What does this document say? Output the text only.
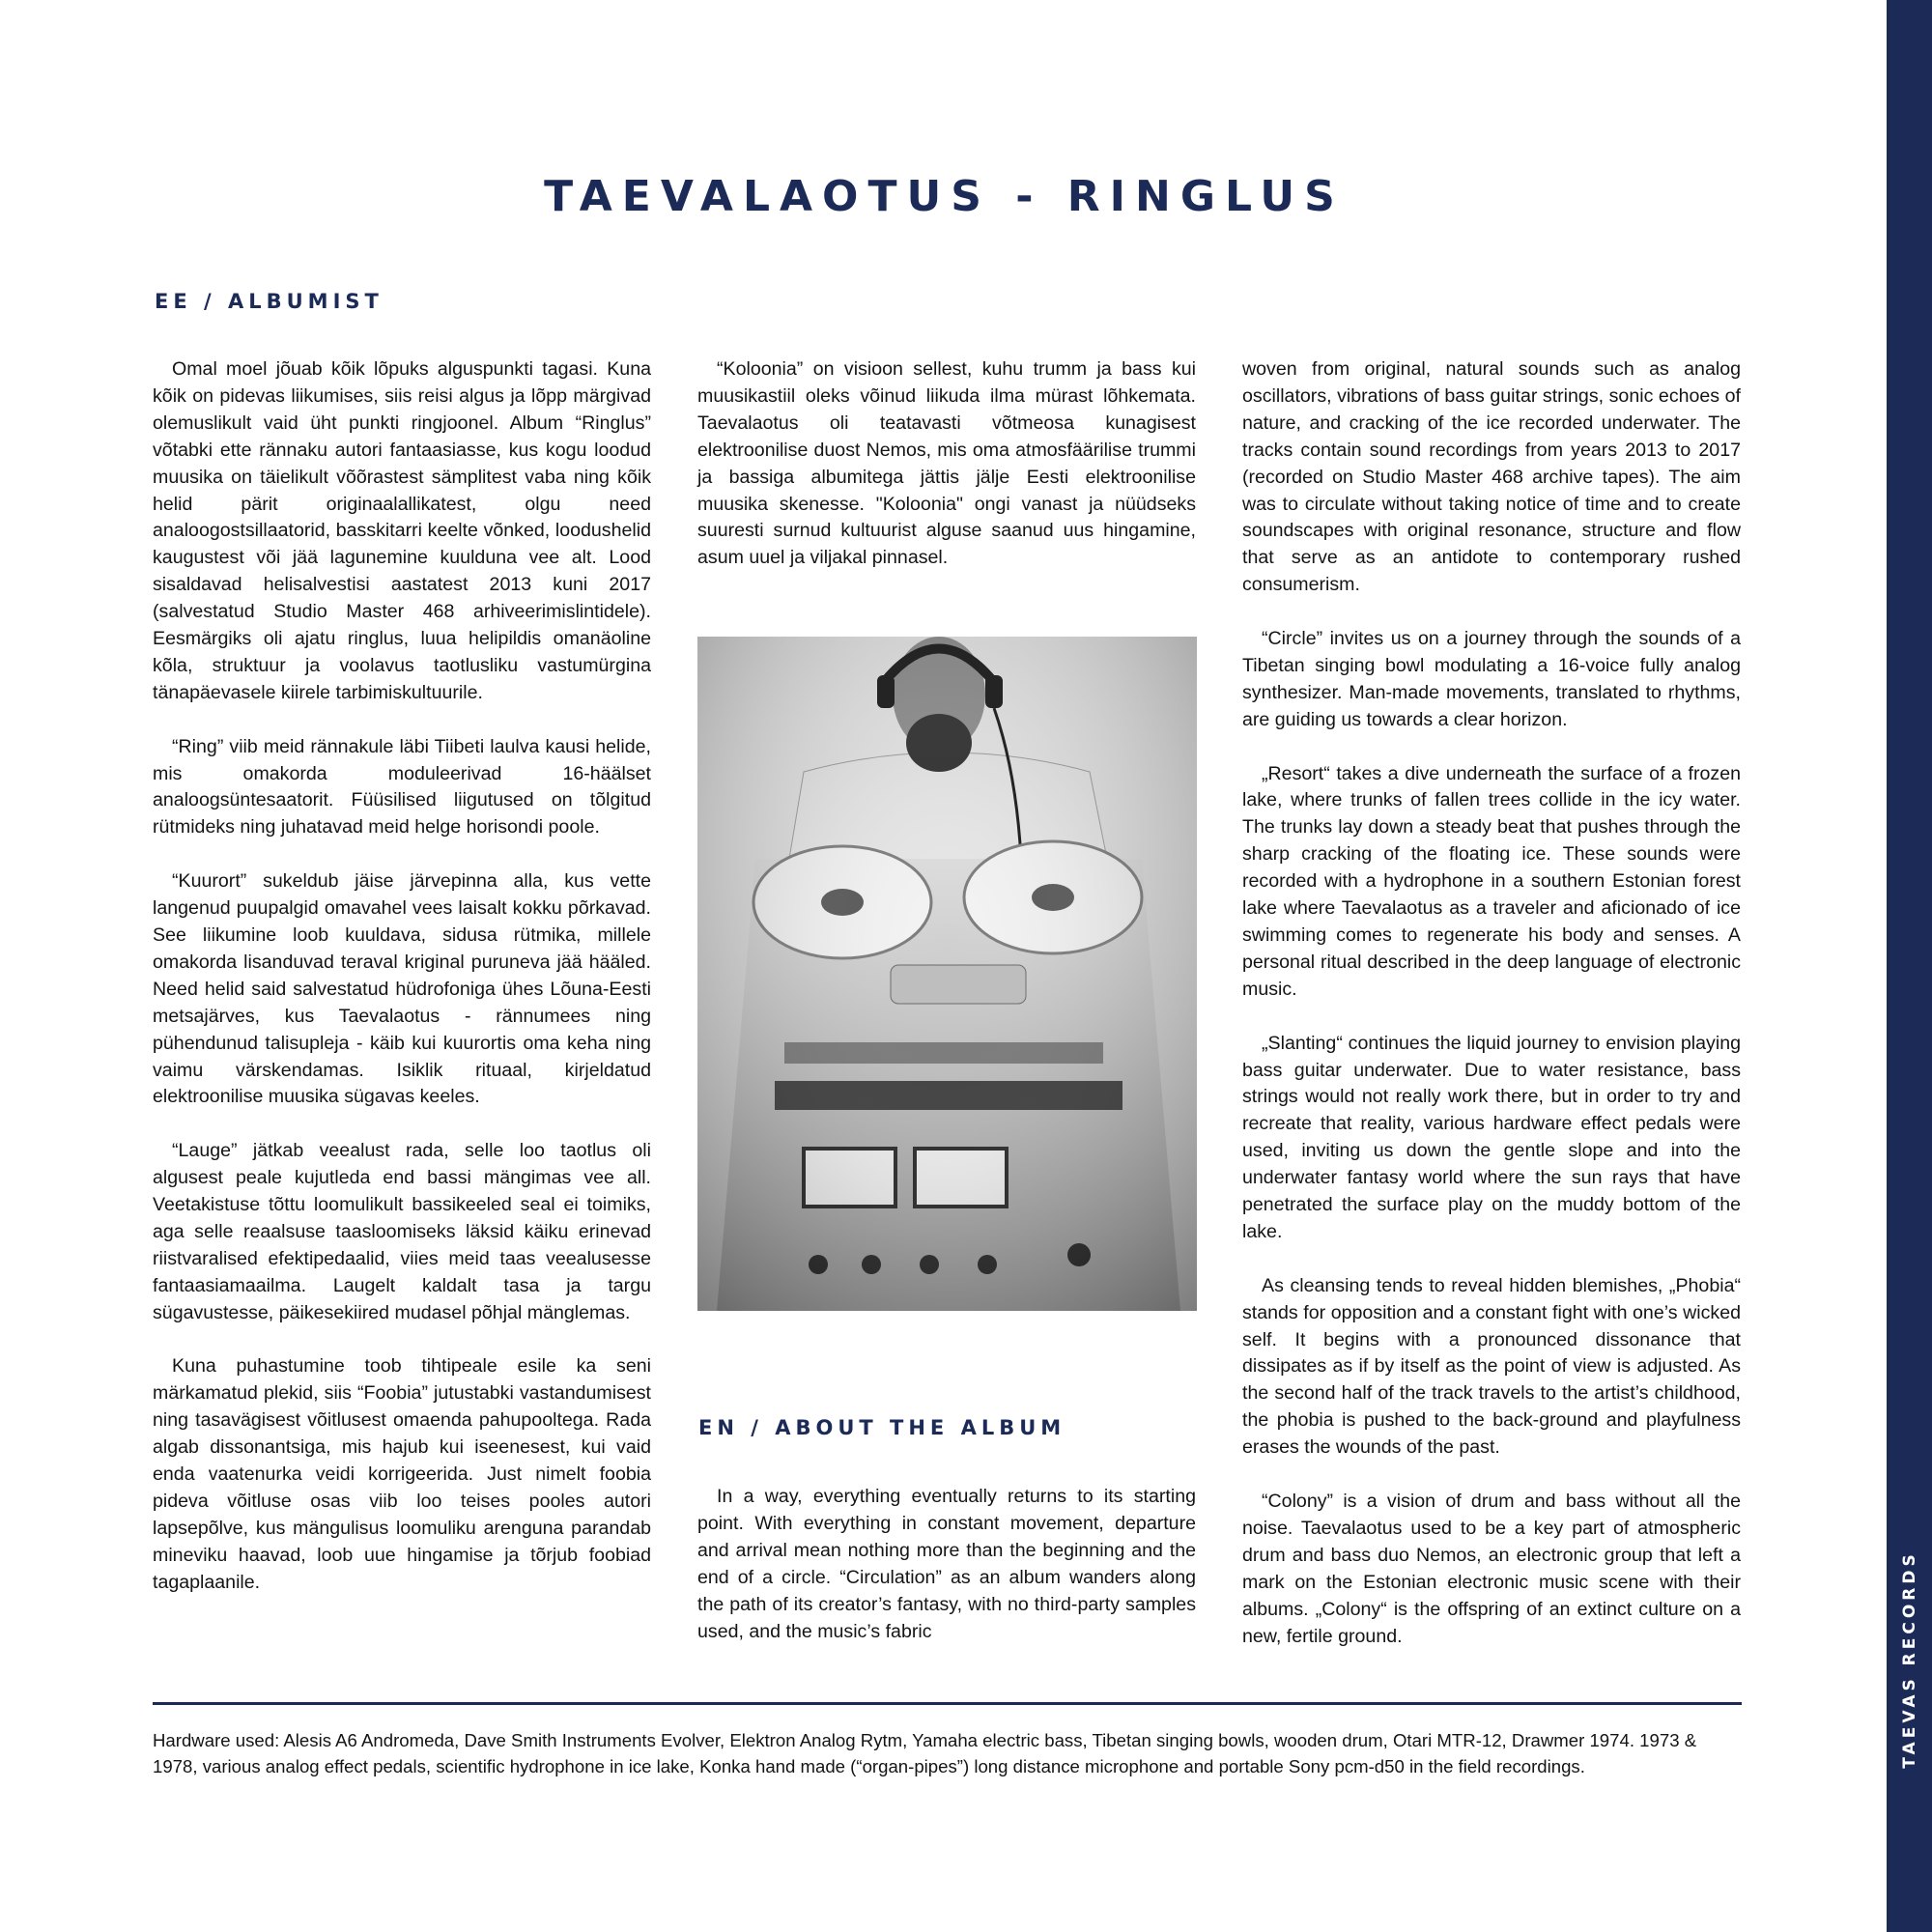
TAEVALAOTUS - RINGLUS
EE / ALBUMIST

Omal moel jõuab kõik lõpuks alguspunkti tagasi. Kuna kõik on pidevas liikumises, siis reisi algus ja lõpp märgivad olemuslikult vaid üht punkti ringjoonel. Album “Ringlus” võtabki ette rännaku autori fantaasiasse, kus kogu loodud muusika on täielikult võõrastest sämplitest vaba ning kõik helid pärit originaalallikatest, olgu need analoogostsillaatorid, basskitarri keelte võnked, loodushelid kaugustest või jää lagunemine kuulduna vee alt. Lood sisaldavad helisalvestisi aastatest 2013 kuni 2017 (salvestatud Studio Master 468 arhiveerimislintidele). Eesmärgiks oli ajatu ringlus, luua helipildis omanäoline kõla, struktuur ja voolavus taotlusliku vastumürgina tänapäevasele kiirele tarbimiskultuurile.

“Ring” viib meid rännakule läbi Tiibeti laulva kausi helide, mis omakorda moduleerivad 16-häälset analoogsüntesaatorit. Füüsilised liigutused on tõlgitud rütmideks ning juhatavad meid helge horisondi poole.

“Kuurort” sukeldub jäise järvepinna alla, kus vette langenud puupalgid omavahel vees laisalt kokku põrkavad. See liikumine loob kuuldava, sidusa rütmika, millele omakorda lisanduvad teraval kriginal puruneva jää hääled. Need helid said salvestatud hüdrofoniga ühes Lõuna-Eesti metsajärves, kus Taevalaotus - rännumees ning pühendunud talisupleja - käib kui kuurortis oma keha ning vaimu värskendamas. Isiklik rituaal, kirjeldatud elektroonilise muusika sügavas keeles.

“Lauge” jätkab veealust rada, selle loo taotlus oli algusest peale kujutleda end bassi mängimas vee all. Veetakistuse tõttu loomulikult bassikeeled seal ei toimiks, aga selle reaalsuse taasloomiseks läksid käiku erinevad riistvaralised efektipedaalid, viies meid taas veealusesse fantaasiamaailma. Laugelt kaldalt tasa ja targu sügavustesse, päikesekiired mudasel põhjal mänglemas.

Kuna puhastumine toob tihtipeale esile ka seni märkamatud plekid, siis “Foobia” jutustabki vastandumisest ning tasavägisest võitlusest omaenda pahupooltega. Rada algab dissonantsiga, mis hajub kui iseenesest, kui vaid enda vaatenurka veidi korrigeerida. Just nimelt foobia pideva võitluse osas viib loo teises pooles autori lapsepõlve, kus mängulisus loomuliku arenguna parandab mineviku haavad, loob uue hingamise ja tõrjub foobiad tagaplaanile.

“Koloonia” on visioon sellest, kuhu trumm ja bass kui muusikastiil oleks võinud liikuda ilma mürast lõhkemata. Taevalaotus oli teatavasti võtmeosa kunagisest elektroonilise duost Nemos, mis oma atmosfäärilise trummi ja bassiga albumitega jättis jälje Eesti elektroonilise muusika skenesse. "Koloonia" ongi vanast ja nüüdseks suuresti surnud kultuurist alguse saanud uus hingamine, asum uuel ja viljakal pinnasel.

EN / ABOUT THE ALBUM

In a way, everything eventually returns to its starting point. With everything in constant movement, departure and arrival mean nothing more than the beginning and the end of a circle. “Circulation” as an album wanders along the path of its creator’s fantasy, with no third-party samples used, and the music’s fabric

woven from original, natural sounds such as analog oscillators, vibrations of bass guitar strings, sonic echoes of nature, and cracking of the ice recorded underwater. The tracks contain sound recordings from years 2013 to 2017 (recorded on Studio Master 468 archive tapes). The aim was to circulate without taking notice of time and to create soundscapes with original resonance, structure and flow that serve as an antidote to contemporary rushed consumerism.

“Circle” invites us on a journey through the sounds of a Tibetan singing bowl modulating a 16-voice fully analog synthesizer. Man-made movements, translated to rhythms, are guiding us towards a clear horizon.

„Resort“ takes a dive underneath the surface of a frozen lake, where trunks of fallen trees collide in the icy water. The trunks lay down a steady beat that pushes through the sharp cracking of the floating ice. These sounds were recorded with a hydrophone in a southern Estonian forest lake where Taevalaotus as a traveler and aficionado of ice swimming comes to regenerate his body and senses. A personal ritual described in the deep language of electronic music.

„Slanting“ continues the liquid journey to envision playing bass guitar underwater. Due to water resistance, bass strings would not really work there, but in order to try and recreate that reality, various hardware effect pedals were used, inviting us down the gentle slope and into the underwater fantasy world where the sun rays that have penetrated the surface play on the muddy bottom of the lake.

As cleansing tends to reveal hidden blemishes, „Phobia“ stands for opposition and a constant fight with one’s wicked self. It begins with a pronounced dissonance that dissipates as if by itself as the point of view is adjusted. As the second half of the track travels to the artist’s childhood, the phobia is pushed to the back-ground and playfulness erases the wounds of the past.

“Colony” is a vision of drum and bass without all the noise. Taevalaotus used to be a key part of atmospheric drum and bass duo Nemos, an electronic group that left a mark on the Estonian electronic music scene with their albums. „Colony“ is the offspring of an extinct culture on a new, fertile ground.

Hardware used: Alesis A6 Andromeda, Dave Smith Instruments Evolver, Elektron Analog Rytm, Yamaha electric bass, Tibetan singing bowls, wooden drum, Otari MTR-12, Drawmer 1974. 1973 & 1978, various analog effect pedals, scientific hydrophone in ice lake, Konka hand made (“organ-pipes”) long distance microphone and portable Sony pcm-d50 in the field recordings.	TAEVAS RECORDS
